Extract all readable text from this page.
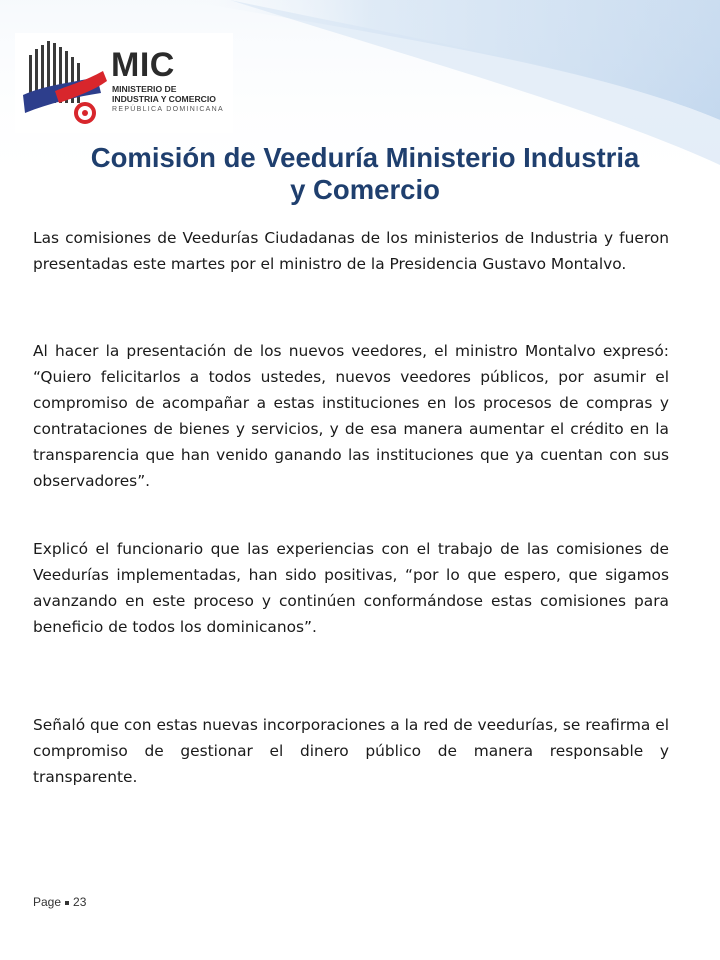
MIC
MINISTERIO DE
INDUSTRIA Y COMERCIO
REPÚBLICA DOMINICANA
Comisión de Veeduría Ministerio Industria
y Comercio

Las comisiones de Veedurías Ciudadanas de los ministerios de Industria y fueron presentadas este martes por el ministro de la Presidencia Gustavo Montalvo.

Al hacer la presentación de los nuevos veedores, el ministro Montalvo expresó: “Quiero felicitarlos a todos ustedes, nuevos veedores públicos, por asumir el compromiso de acompañar a estas instituciones en los procesos de compras y contrataciones de bienes y servicios, y de esa manera aumentar el crédito en la transparencia que han venido ganando las instituciones que ya cuentan con sus observadores”.

Explicó el funcionario que las experiencias con el trabajo de las comisiones de Veedurías implementadas, han sido positivas, “por lo que espero, que sigamos avanzando en este proceso y continúen conformándose estas comisiones para beneficio de todos los dominicanos”.

Señaló que con estas nuevas incorporaciones a la red de veedurías, se reafirma el compromiso de gestionar el dinero público de manera responsable y transparente.

Page 23
